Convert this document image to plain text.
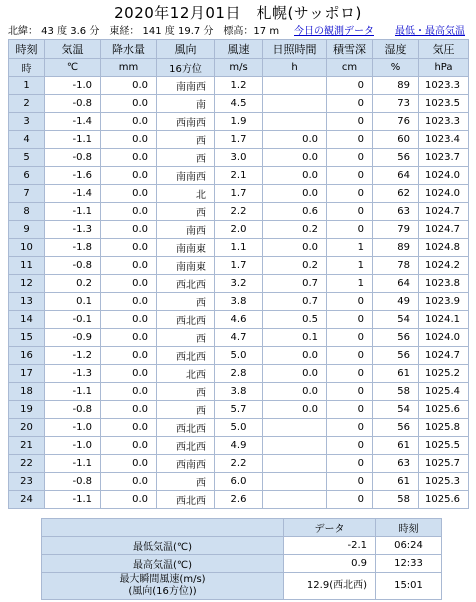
2020年12月01日　札幌(サッポロ)
北緯： 43 度 3.6 分　東経： 141 度 19.7 分　標高：17 m 今日の観測データ 最低・最高気温
時刻	気温	降水量	風向	風速	日照時間	積雪深	湿度	気圧
時	℃	mm	16方位	m/s	h	cm	%	hPa
1	-1.0	0.0	南南西	1.2		0	89	1023.3
2	-0.8	0.0	南	4.5		0	73	1023.5
3	-1.4	0.0	西南西	1.9		0	76	1023.3
4	-1.1	0.0	西	1.7	0.0	0	60	1023.4
5	-0.8	0.0	西	3.0	0.0	0	56	1023.7
6	-1.6	0.0	南南西	2.1	0.0	0	64	1024.0
7	-1.4	0.0	北	1.7	0.0	0	62	1024.0
8	-1.1	0.0	西	2.2	0.6	0	63	1024.7
9	-1.3	0.0	南西	2.0	0.2	0	79	1024.7
10	-1.8	0.0	南南東	1.1	0.0	1	89	1024.8
11	-0.8	0.0	南南東	1.7	0.2	1	78	1024.2
12	0.2	0.0	西北西	3.2	0.7	1	64	1023.8
13	0.1	0.0	西	3.8	0.7	0	49	1023.9
14	-0.1	0.0	西北西	4.6	0.5	0	54	1024.1
15	-0.9	0.0	西	4.7	0.1	0	56	1024.0
16	-1.2	0.0	西北西	5.0	0.0	0	56	1024.7
17	-1.3	0.0	北西	2.8	0.0	0	61	1025.2
18	-1.1	0.0	西	3.8	0.0	0	58	1025.4
19	-0.8	0.0	西	5.7	0.0	0	54	1025.6
20	-1.0	0.0	西北西	5.0		0	56	1025.8
21	-1.0	0.0	西北西	4.9		0	61	1025.5
22	-1.1	0.0	西南西	2.2		0	63	1025.7
23	-0.8	0.0	西	6.0		0	61	1025.3
24	-1.1	0.0	西北西	2.6		0	58	1025.6
	データ	時刻
最低気温(℃)	-2.1	06:24
最高気温(℃)	0.9	12:33
最大瞬間風速(m/s)
(風向(16方位))	12.9(西北西)	15:01
